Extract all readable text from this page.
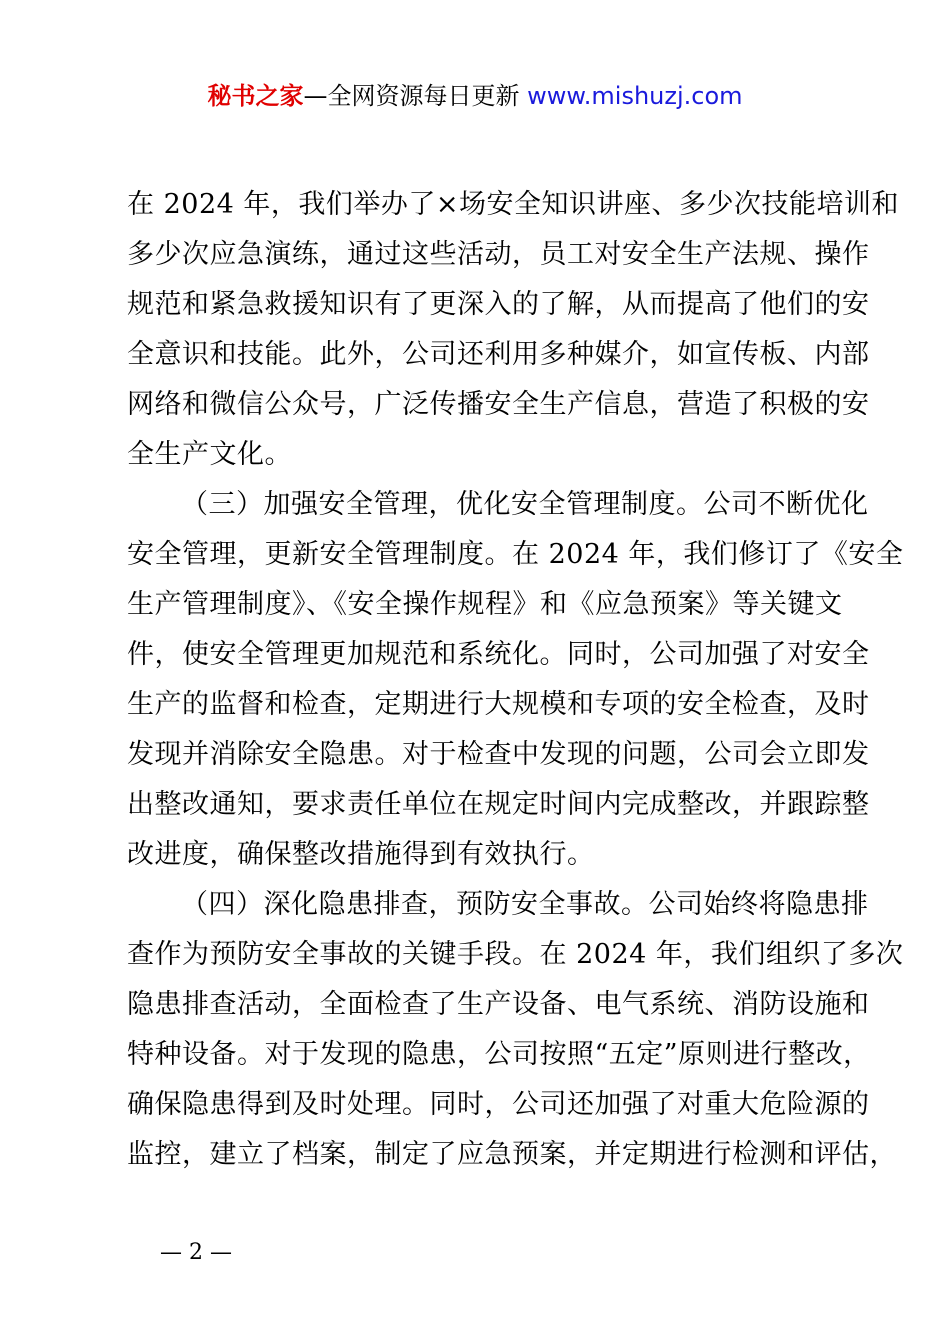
秘书之家—全网资源每日更新 www.mishuzj.com
在 2024 年，我们举办了×场安全知识讲座、多少次技能培训和
多少次应急演练，通过这些活动，员工对安全生产法规、操作
规范和紧急救援知识有了更深入的了解，从而提高了他们的安
全意识和技能。此外，公司还利用多种媒介，如宣传板、内部
网络和微信公众号，广泛传播安全生产信息，营造了积极的安
全生产文化。
（三）加强安全管理，优化安全管理制度。公司不断优化
安全管理，更新安全管理制度。在 2024 年，我们修订了《安全
生产管理制度》、《安全操作规程》和《应急预案》等关键文
件，使安全管理更加规范和系统化。同时，公司加强了对安全
生产的监督和检查，定期进行大规模和专项的安全检查，及时
发现并消除安全隐患。对于检查中发现的问题，公司会立即发
出整改通知，要求责任单位在规定时间内完成整改，并跟踪整
改进度，确保整改措施得到有效执行。
（四）深化隐患排查，预防安全事故。公司始终将隐患排
查作为预防安全事故的关键手段。在 2024 年，我们组织了多次
隐患排查活动，全面检查了生产设备、电气系统、消防设施和
特种设备。对于发现的隐患，公司按照“五定”原则进行整改，
确保隐患得到及时处理。同时，公司还加强了对重大危险源的
监控，建立了档案，制定了应急预案，并定期进行检测和评估，
— 2 —
